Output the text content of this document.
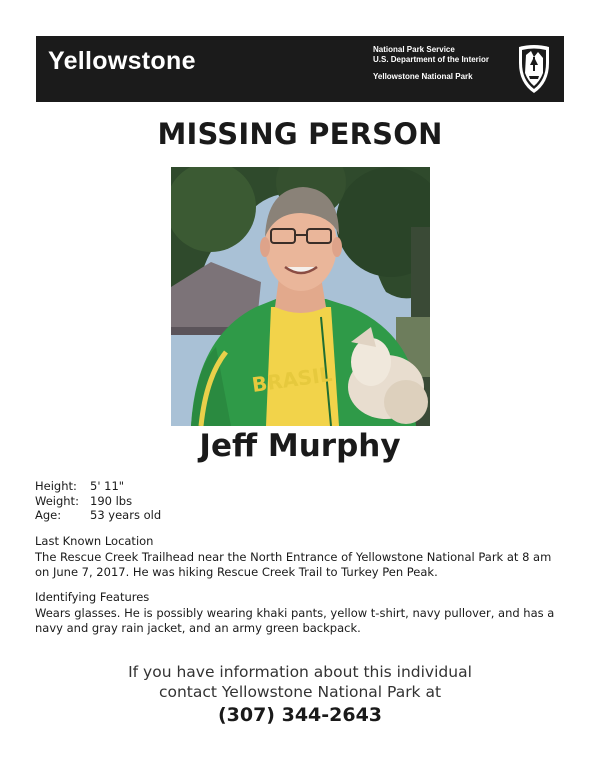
Yellowstone	National Park Service
U.S. Department of the Interior
Yellowstone National Park
MISSING PERSON
BRASIL
Jeff Murphy
Height:	5' 11"
Weight: 190 lbs
Age:	53 years old
Last Known Location
The Rescue Creek Trailhead near the North Entrance of Yellowstone National Park at 8 am on June 7, 2017. He was hiking Rescue Creek Trail to Turkey Pen Peak.
Identifying Features
Wears glasses. He is possibly wearing khaki pants, yellow t-shirt, navy pullover, and has a navy and gray rain jacket, and an army green backpack.
If you have information about this individual
contact Yellowstone National Park at
(307) 344-2643
